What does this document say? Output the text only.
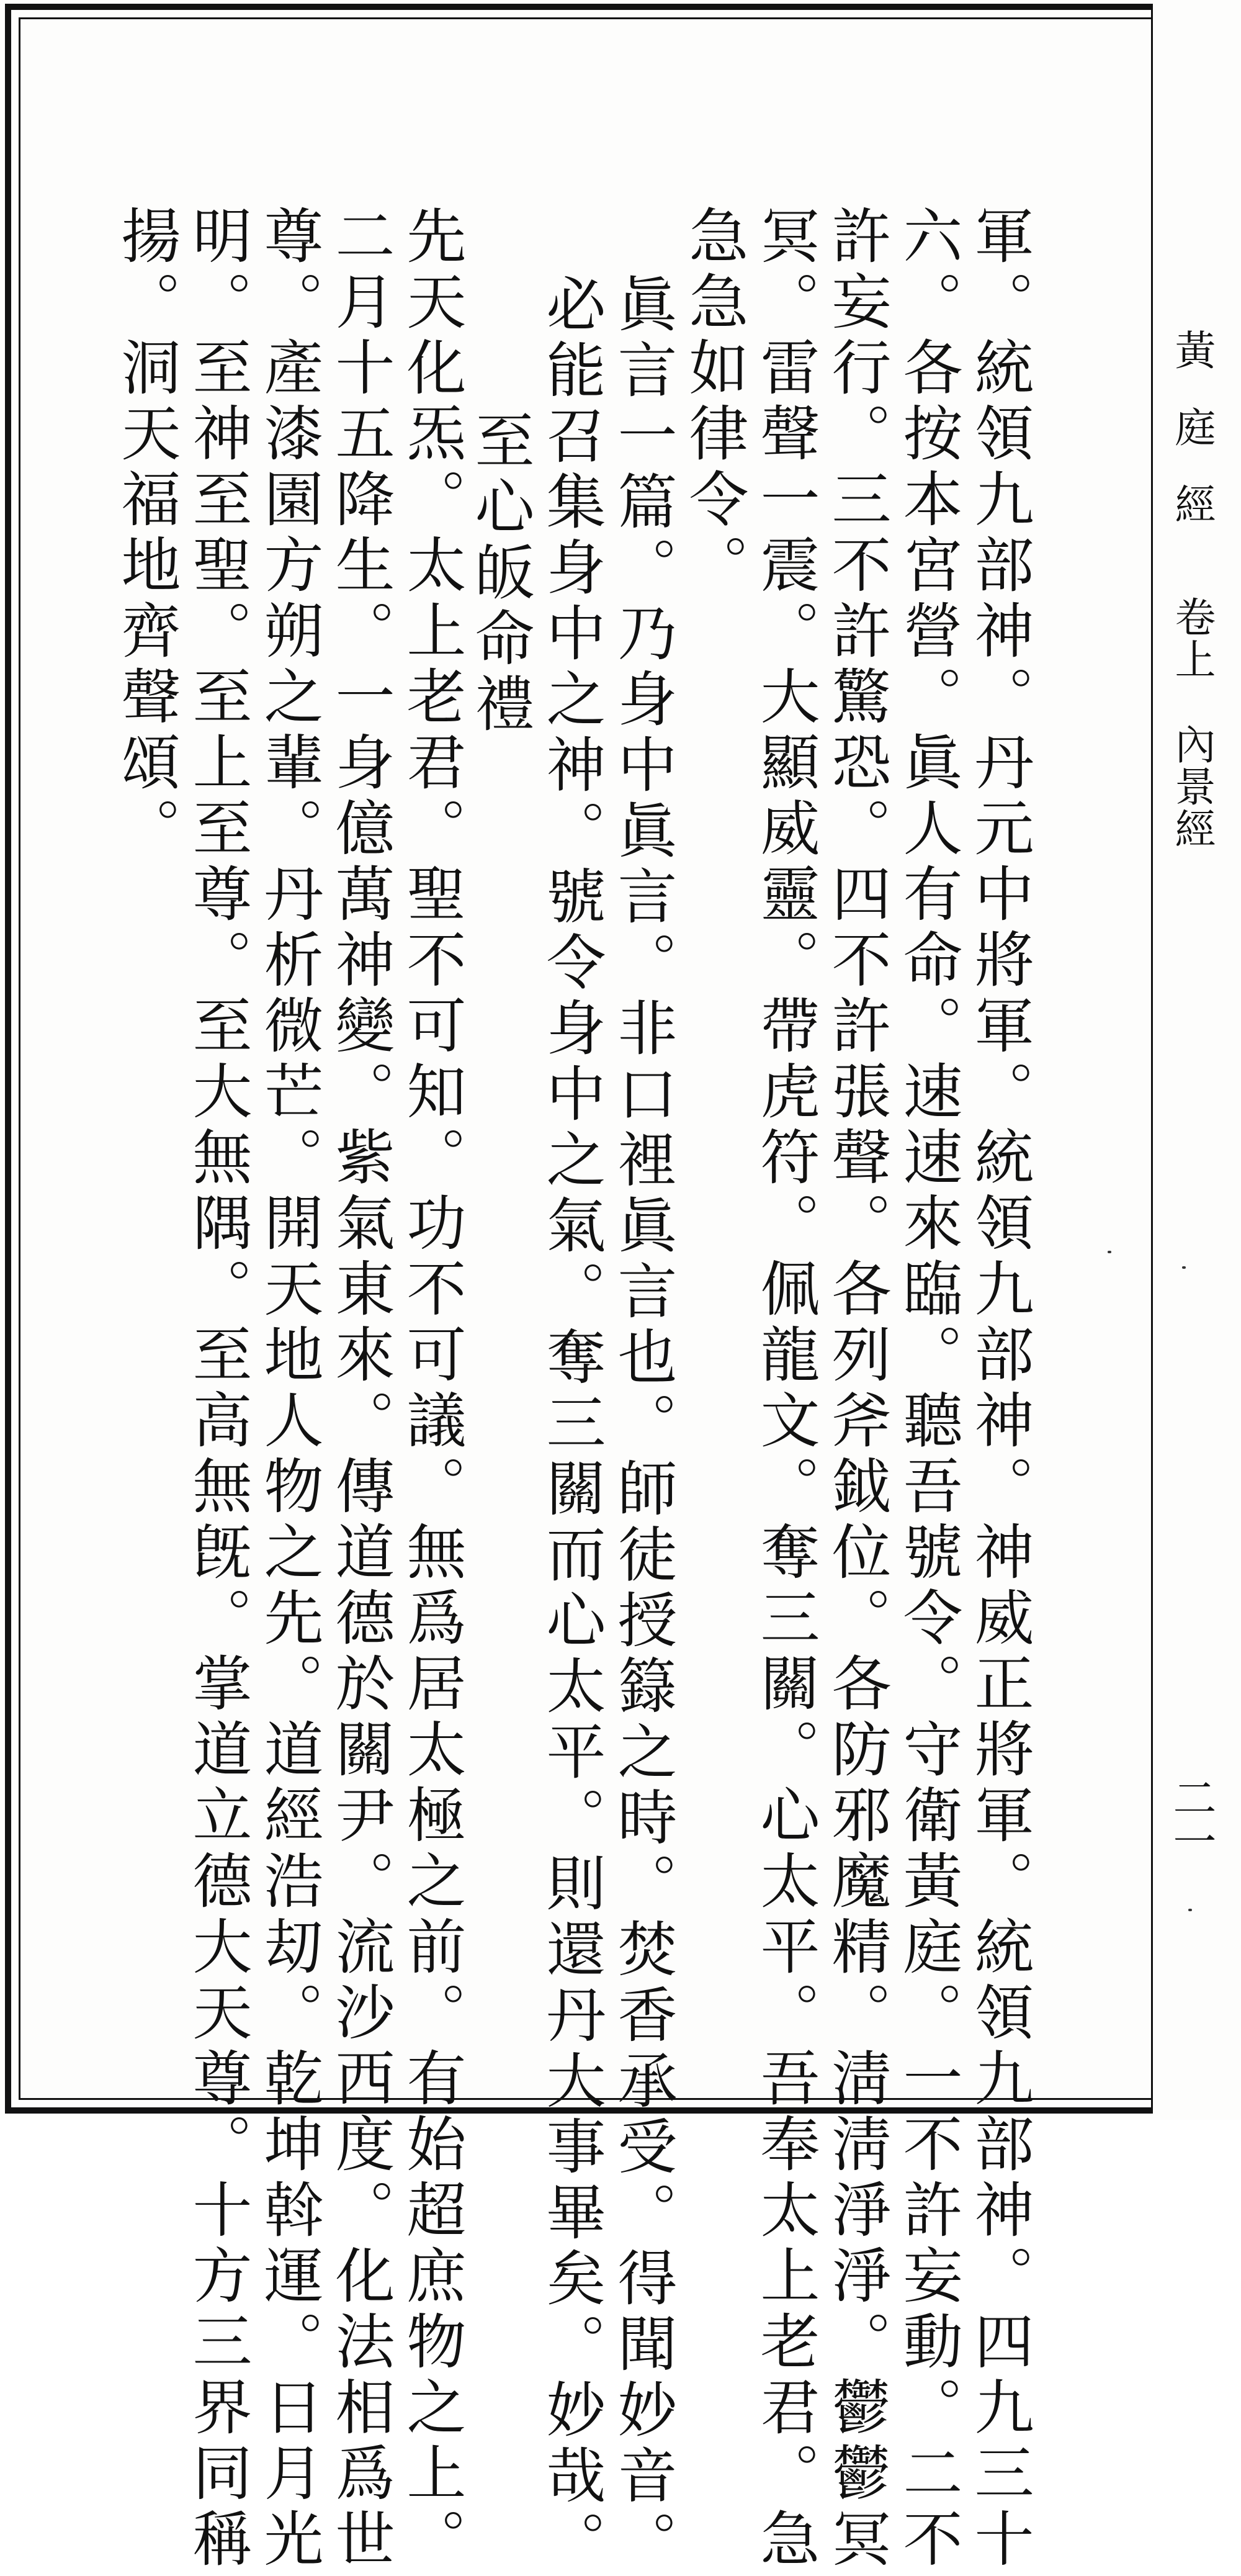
黃庭經
卷上
內景經
二一
軍。統領九部神。丹元中將軍。統領九部神。神威正將軍。統領九部神。四九三十
六。各按本宮營。眞人有命。速速來臨。聽吾號令。守衛黃庭。一不許妄動。二不
許妄行。三不許驚恐。四不許張聲。各列斧鉞位。各防邪魔精。淸淸淨淨。鬱鬱冥
冥。雷聲一震。大顯威靈。帶虎符。佩龍文。奪三關。心太平。吾奉太上老君。急
急急如律令。
眞言一篇。乃身中眞言。非口裡眞言也。師徒授籙之時。焚香承受。得聞妙音。
必能召集身中之神。號令身中之氣。奪三關而心太平。則還丹大事畢矣。妙哉。
至心皈命禮
先天化炁。太上老君。聖不可知。功不可議。無爲居太極之前。有始超庶物之上。
二月十五降生。一身億萬神變。紫氣東來。傳道德於關尹。流沙西度。化法相爲世
尊。產漆園方朔之輩。丹析微芒。開天地人物之先。道經浩刧。乾坤斡運。日月光
明。至神至聖。至上至尊。至大無隅。至高無旣。掌道立德大天尊。十方三界同稱
揚。洞天福地齊聲頌。
